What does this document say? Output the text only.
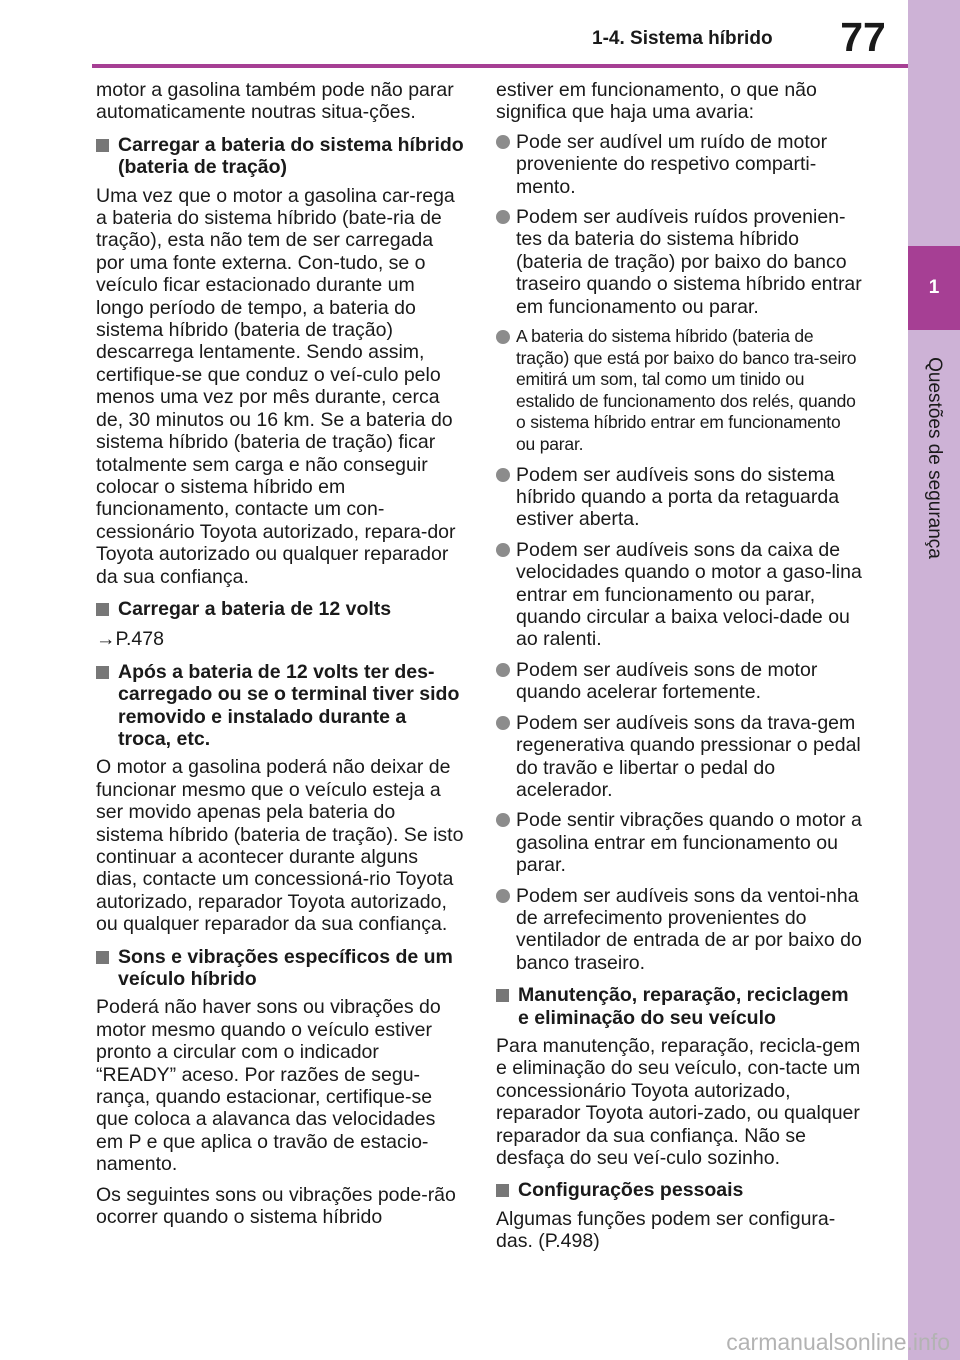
1-4. Sistema híbrido	77
1
Questões de segurança

motor a gasolina também pode não parar automaticamente noutras situa-ções.

Carregar a bateria do sistema híbrido (bateria de tração)

Uma vez que o motor a gasolina car-rega a bateria do sistema híbrido (bate-ria de tração), esta não tem de ser carregada por uma fonte externa. Con-tudo, se o veículo ficar estacionado durante um longo período de tempo, a bateria do sistema híbrido (bateria de tração) descarrega lentamente. Sendo assim, certifique-se que conduz o veí-culo pelo menos uma vez por mês durante, cerca de, 30 minutos ou 16 km. Se a bateria do sistema híbrido (bateria de tração) ficar totalmente sem carga e não conseguir colocar o sistema híbrido em funcionamento, contacte um con-cessionário Toyota autorizado, repara-dor Toyota autorizado ou qualquer reparador da sua confiança.

Carregar a bateria de 12 volts

→P.478

Após a bateria de 12 volts ter des-carregado ou se o terminal tiver sido removido e instalado durante a troca, etc.

O motor a gasolina poderá não deixar de funcionar mesmo que o veículo esteja a ser movido apenas pela bateria do sistema híbrido (bateria de tração). Se isto continuar a acontecer durante alguns dias, contacte um concessioná-rio Toyota autorizado, reparador Toyota autorizado, ou qualquer reparador da sua confiança.

Sons e vibrações específicos de um veículo híbrido

Poderá não haver sons ou vibrações do motor mesmo quando o veículo estiver pronto a circular com o indicador “READY” aceso. Por razões de segu-rança, quando estacionar, certifique-se que coloca a alavanca das velocidades em P e que aplica o travão de estacio-namento.

Os seguintes sons ou vibrações pode-rão ocorrer quando o sistema híbrido

estiver em funcionamento, o que não significa que haja uma avaria:

Pode ser audível um ruído de motor proveniente do respetivo comparti-mento.

Podem ser audíveis ruídos provenien-tes da bateria do sistema híbrido (bateria de tração) por baixo do banco traseiro quando o sistema híbrido entrar em funcionamento ou parar.

A bateria do sistema híbrido (bateria de tração) que está por baixo do banco tra-seiro emitirá um som, tal como um tinido ou estalido de funcionamento dos relés, quando o sistema híbrido entrar em funcionamento ou parar.

Podem ser audíveis sons do sistema híbrido quando a porta da retaguarda estiver aberta.

Podem ser audíveis sons da caixa de velocidades quando o motor a gaso-lina entrar em funcionamento ou parar, quando circular a baixa veloci-dade ou ao ralenti.

Podem ser audíveis sons de motor quando acelerar fortemente.

Podem ser audíveis sons da trava-gem regenerativa quando pressionar o pedal do travão e libertar o pedal do acelerador.

Pode sentir vibrações quando o motor a gasolina entrar em funcionamento ou parar.

Podem ser audíveis sons da ventoi-nha de arrefecimento provenientes do ventilador de entrada de ar por baixo do banco traseiro.

Manutenção, reparação, reciclagem e eliminação do seu veículo

Para manutenção, reparação, recicla-gem e eliminação do seu veículo, con-tacte um concessionário Toyota autorizado, reparador Toyota autori-zado, ou qualquer reparador da sua confiança. Não se desfaça do seu veí-culo sozinho.

Configurações pessoais

Algumas funções podem ser configura-das. (P.498)

carmanualsonline.info
